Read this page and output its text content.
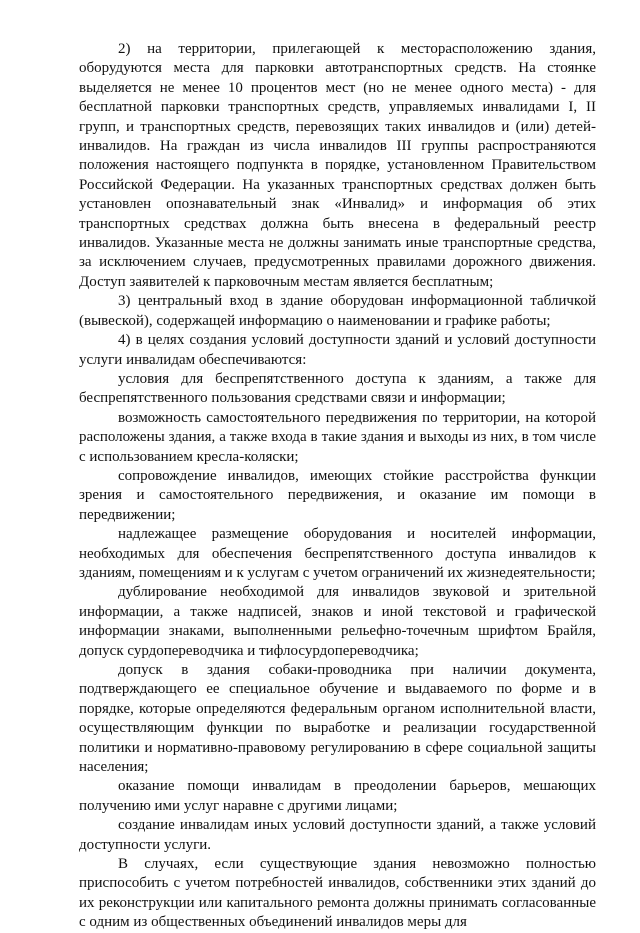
2) на территории, прилегающей к месторасположению здания, оборудуются места для парковки автотранспортных средств. На стоянке выделяется не менее 10 процентов мест (но не менее одного места) - для бесплатной парковки транспортных средств, управляемых инвалидами I, II групп, и транспортных средств, перевозящих таких инвалидов и (или) детей-инвалидов. На граждан из числа инвалидов III группы распространяются положения настоящего подпункта в порядке, установленном Правительством Российской Федерации. На указанных транспортных средствах должен быть установлен опознавательный знак «Инвалид» и информация об этих транспортных средствах должна быть внесена в федеральный реестр инвалидов. Указанные места не должны занимать иные транспортные средства, за исключением случаев, предусмотренных правилами дорожного движения. Доступ заявителей к парковочным местам является бесплатным;

3) центральный вход в здание оборудован информационной табличкой (вывеской), содержащей информацию о наименовании и графике работы;

4) в целях создания условий доступности зданий и условий доступности услуги инвалидам обеспечиваются:

условия для беспрепятственного доступа к зданиям, а также для беспрепятственного пользования средствами связи и информации;

возможность самостоятельного передвижения по территории, на которой расположены здания, а также входа в такие здания и выходы из них, в том числе с использованием кресла-коляски;

сопровождение инвалидов, имеющих стойкие расстройства функции зрения и самостоятельного передвижения, и оказание им помощи в передвижении;

надлежащее размещение оборудования и носителей информации, необходимых для обеспечения беспрепятственного доступа инвалидов к зданиям, помещениям и к услугам с учетом ограничений их жизнедеятельности;

дублирование необходимой для инвалидов звуковой и зрительной информации, а также надписей, знаков и иной текстовой и графической информации знаками, выполненными рельефно-точечным шрифтом Брайля, допуск сурдопереводчика и тифлосурдопереводчика;

допуск в здания собаки-проводника при наличии документа, подтверждающего ее специальное обучение и выдаваемого по форме и в порядке, которые определяются федеральным органом исполнительной власти, осуществляющим функции по выработке и реализации государственной политики и нормативно-правовому регулированию в сфере социальной защиты населения;

оказание помощи инвалидам в преодолении барьеров, мешающих получению ими услуг наравне с другими лицами;

создание инвалидам иных условий доступности зданий, а также условий доступности услуги.

В случаях, если существующие здания невозможно полностью приспособить с учетом потребностей инвалидов, собственники этих зданий до их реконструкции или капитального ремонта должны принимать согласованные с одним из общественных объединений инвалидов меры для
